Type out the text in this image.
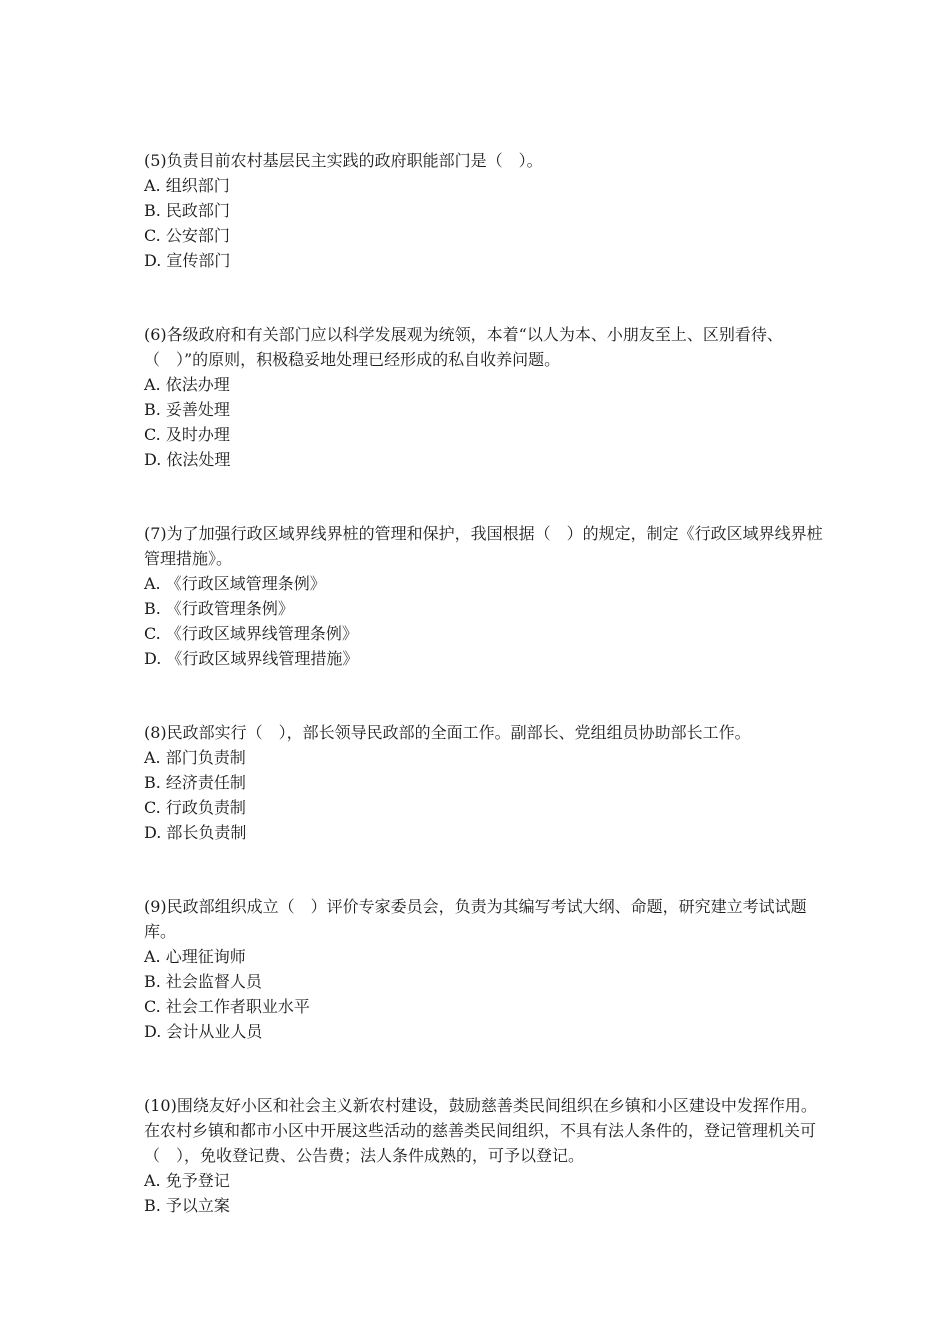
(5)负责目前农村基层民主实践的政府职能部门是（　）。

A. 组织部门

B. 民政部门

C. 公安部门

D. 宣传部门

(6)各级政府和有关部门应以科学发展观为统领，本着“以人为本、小朋友至上、区别看待、（　）”的原则，积极稳妥地处理已经形成的私自收养问题。

A. 依法办理

B. 妥善处理

C. 及时办理

D. 依法处理

(7)为了加强行政区域界线界桩的管理和保护，我国根据（　）的规定，制定《行政区域界线界桩管理措施》。

A. 《行政区域管理条例》

B. 《行政管理条例》

C. 《行政区域界线管理条例》

D. 《行政区域界线管理措施》

(8)民政部实行（　），部长领导民政部的全面工作。副部长、党组组员协助部长工作。

A. 部门负责制

B. 经济责任制

C. 行政负责制

D. 部长负责制

(9)民政部组织成立（　）评价专家委员会，负责为其编写考试大纲、命题，研究建立考试试题库。

A. 心理征询师

B. 社会监督人员

C. 社会工作者职业水平

D. 会计从业人员

(10)围绕友好小区和社会主义新农村建设，鼓励慈善类民间组织在乡镇和小区建设中发挥作用。在农村乡镇和都市小区中开展这些活动的慈善类民间组织，不具有法人条件的，登记管理机关可（　），免收登记费、公告费；法人条件成熟的，可予以登记。

A. 免予登记

B. 予以立案
